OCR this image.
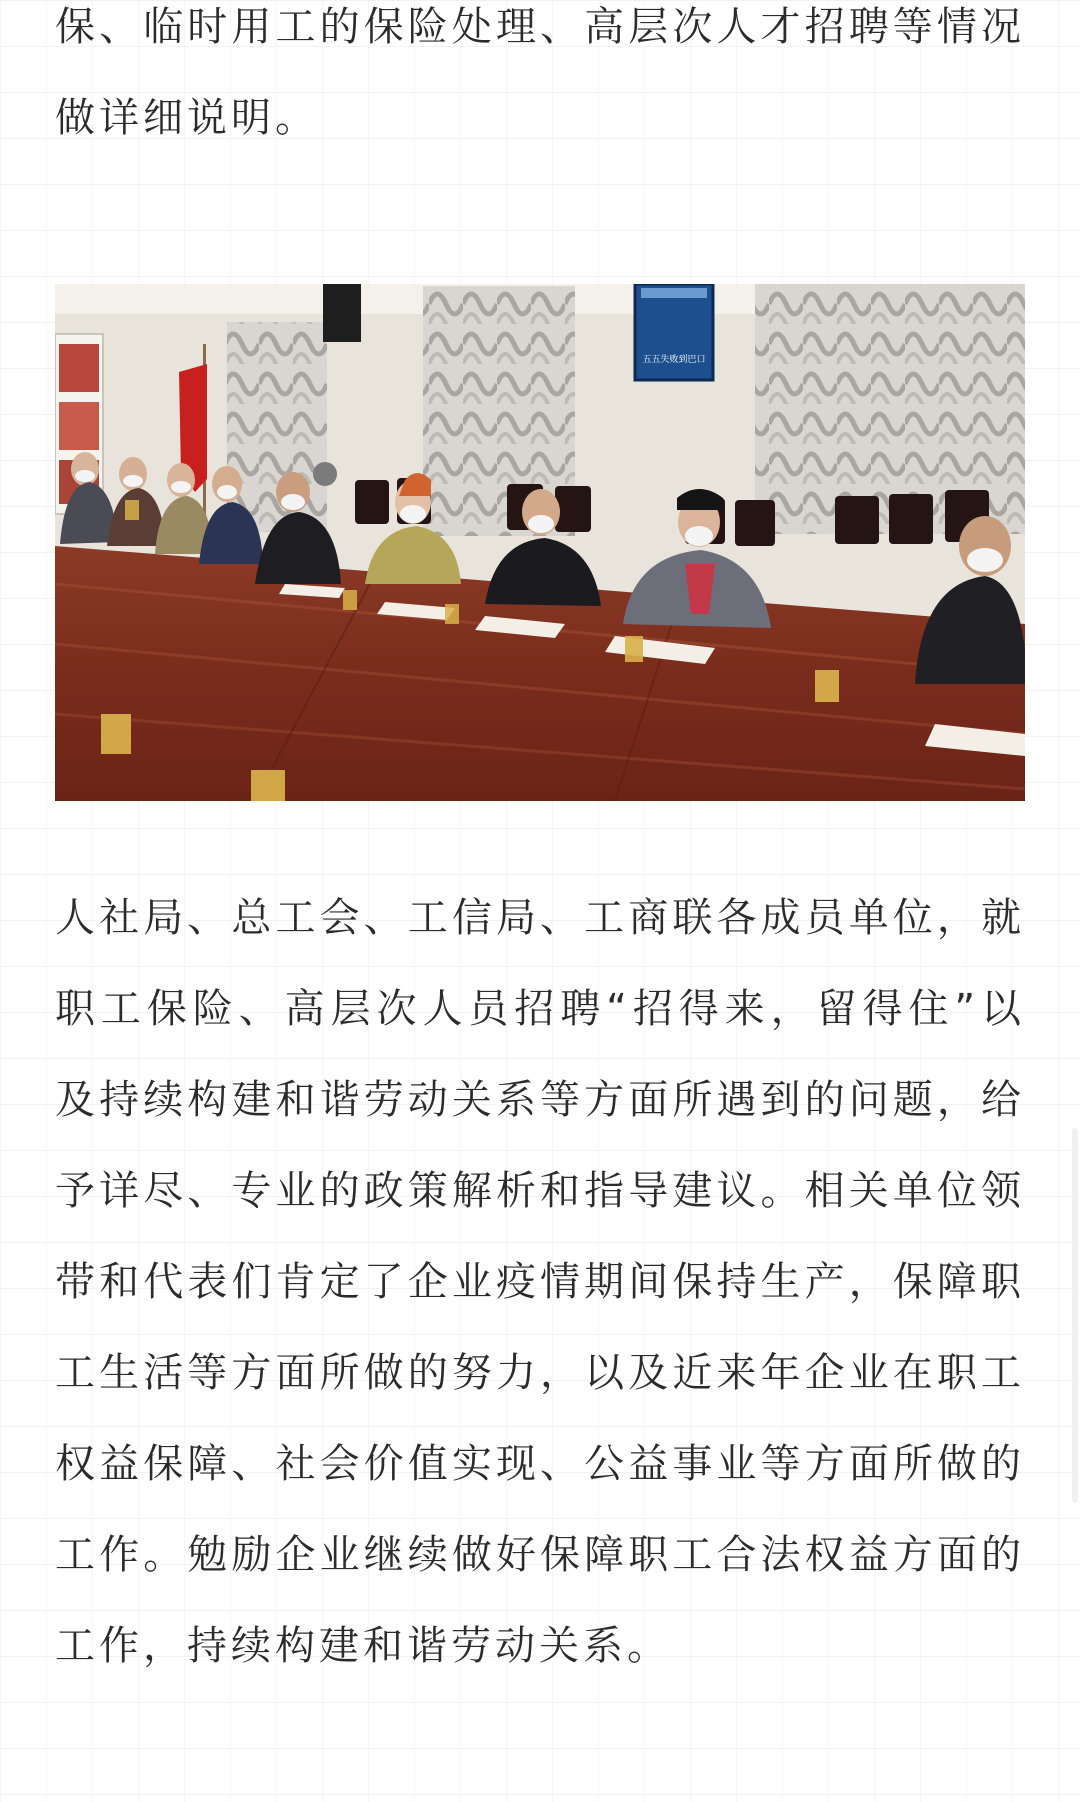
保、临时用工的保险处理、高层次人才招聘等情况做详细说明。

五五失败到巴口

人社局、总工会、工信局、工商联各成员单位，就职工保险、高层次人员招聘“招得来，留得住”以及持续构建和谐劳动关系等方面所遇到的问题，给予详尽、专业的政策解析和指导建议。相关单位领带和代表们肯定了企业疫情期间保持生产，保障职工生活等方面所做的努力，以及近来年企业在职工权益保障、社会价值实现、公益事业等方面所做的工作。勉励企业继续做好保障职工合法权益方面的工作，持续构建和谐劳动关系。
